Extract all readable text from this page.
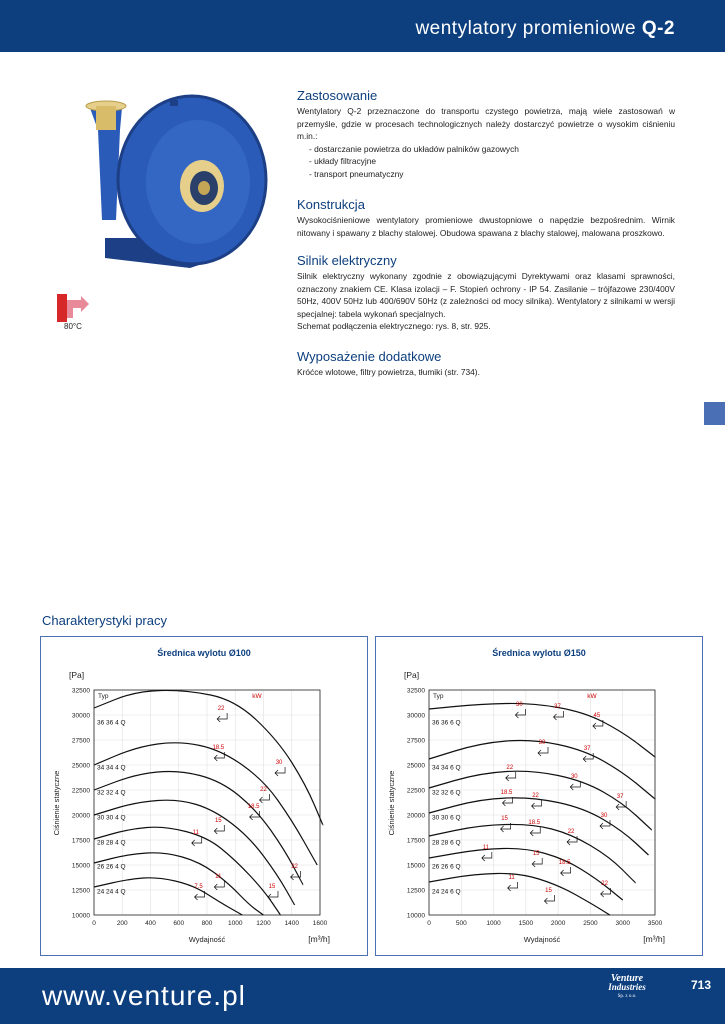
wentylatory promieniowe Q-2
Zastosowanie

Wentylatory Q-2 przeznaczone do transportu czystego powietrza, mają wiele zastosowań w przemyśle, gdzie w procesach technologicznych należy dostarczyć powietrze o wysokim ciśnieniu m.in.:

- dostarczanie powietrza do układów palników gazowych
- układy filtracyjne
- transport pneumatyczny
Konstrukcja

Wysokociśnieniowe wentylatory promieniowe dwustopniowe o napędzie bezpośrednim. Wirnik nitowany i spawany z blachy stalowej. Obudowa spawana z blachy stalowej, malowana proszkowo.

Silnik elektryczny

Silnik elektryczny wykonany zgodnie z obowiązującymi Dyrektywami oraz klasami sprawności, oznaczony znakiem CE. Klasa izolacji – F. Stopień ochrony - IP 54. Zasilanie – trójfazowe 230/400V 50Hz, 400V 50Hz lub 400/690V 50Hz (z zależności od mocy silnika). Wentylatory z silnikami w wersji specjalnej: tabela wykonań specjalnych.

Schemat podłączenia elektrycznego: rys. 8, str. 925.

Wyposażenie dodatkowe

Króćce wlotowe, filtry powietrza, tłumiki (str. 734).

80°C
Charakterystyki pracy
Średnica wylotu Ø100
[Pa]
[m³/h]
Wydajność
Ciśnienie statyczne
10000
12500
15000
17500
20000
22500
25000
27500
30000
32500
0	200	400	600	800 1000 1200 1400 1600
Typ	kW
36 36 4 Q
34 34 4 Q
32 32 4 Q
30 30 4 Q
28 28 4 Q
26 26 4 Q
24 24 4 Q
22
18.5
30
22
18.5
15
11
22
11
15
7.5
Średnica wylotu Ø150
[Pa]
[m³/h]
Wydajność
Ciśnienie statyczne
10000
12500
15000
17500
20000
22500
25000
27500
30000
32500
0	500	1000	1500	2000	2500	3000	3500
Typ	kW
36 36 6 Q
34 34 6 Q
32 32 6 Q
30 30 6 Q
28 28 6 Q
26 26 6 Q
24 24 6 Q
30	37
45
30
37
22
30
18.5	22	37
15
18.5
30
22
11
15
18.5
11
22
15
www.venture.pl
Venture
Industries
Sp. z o.o.
713
